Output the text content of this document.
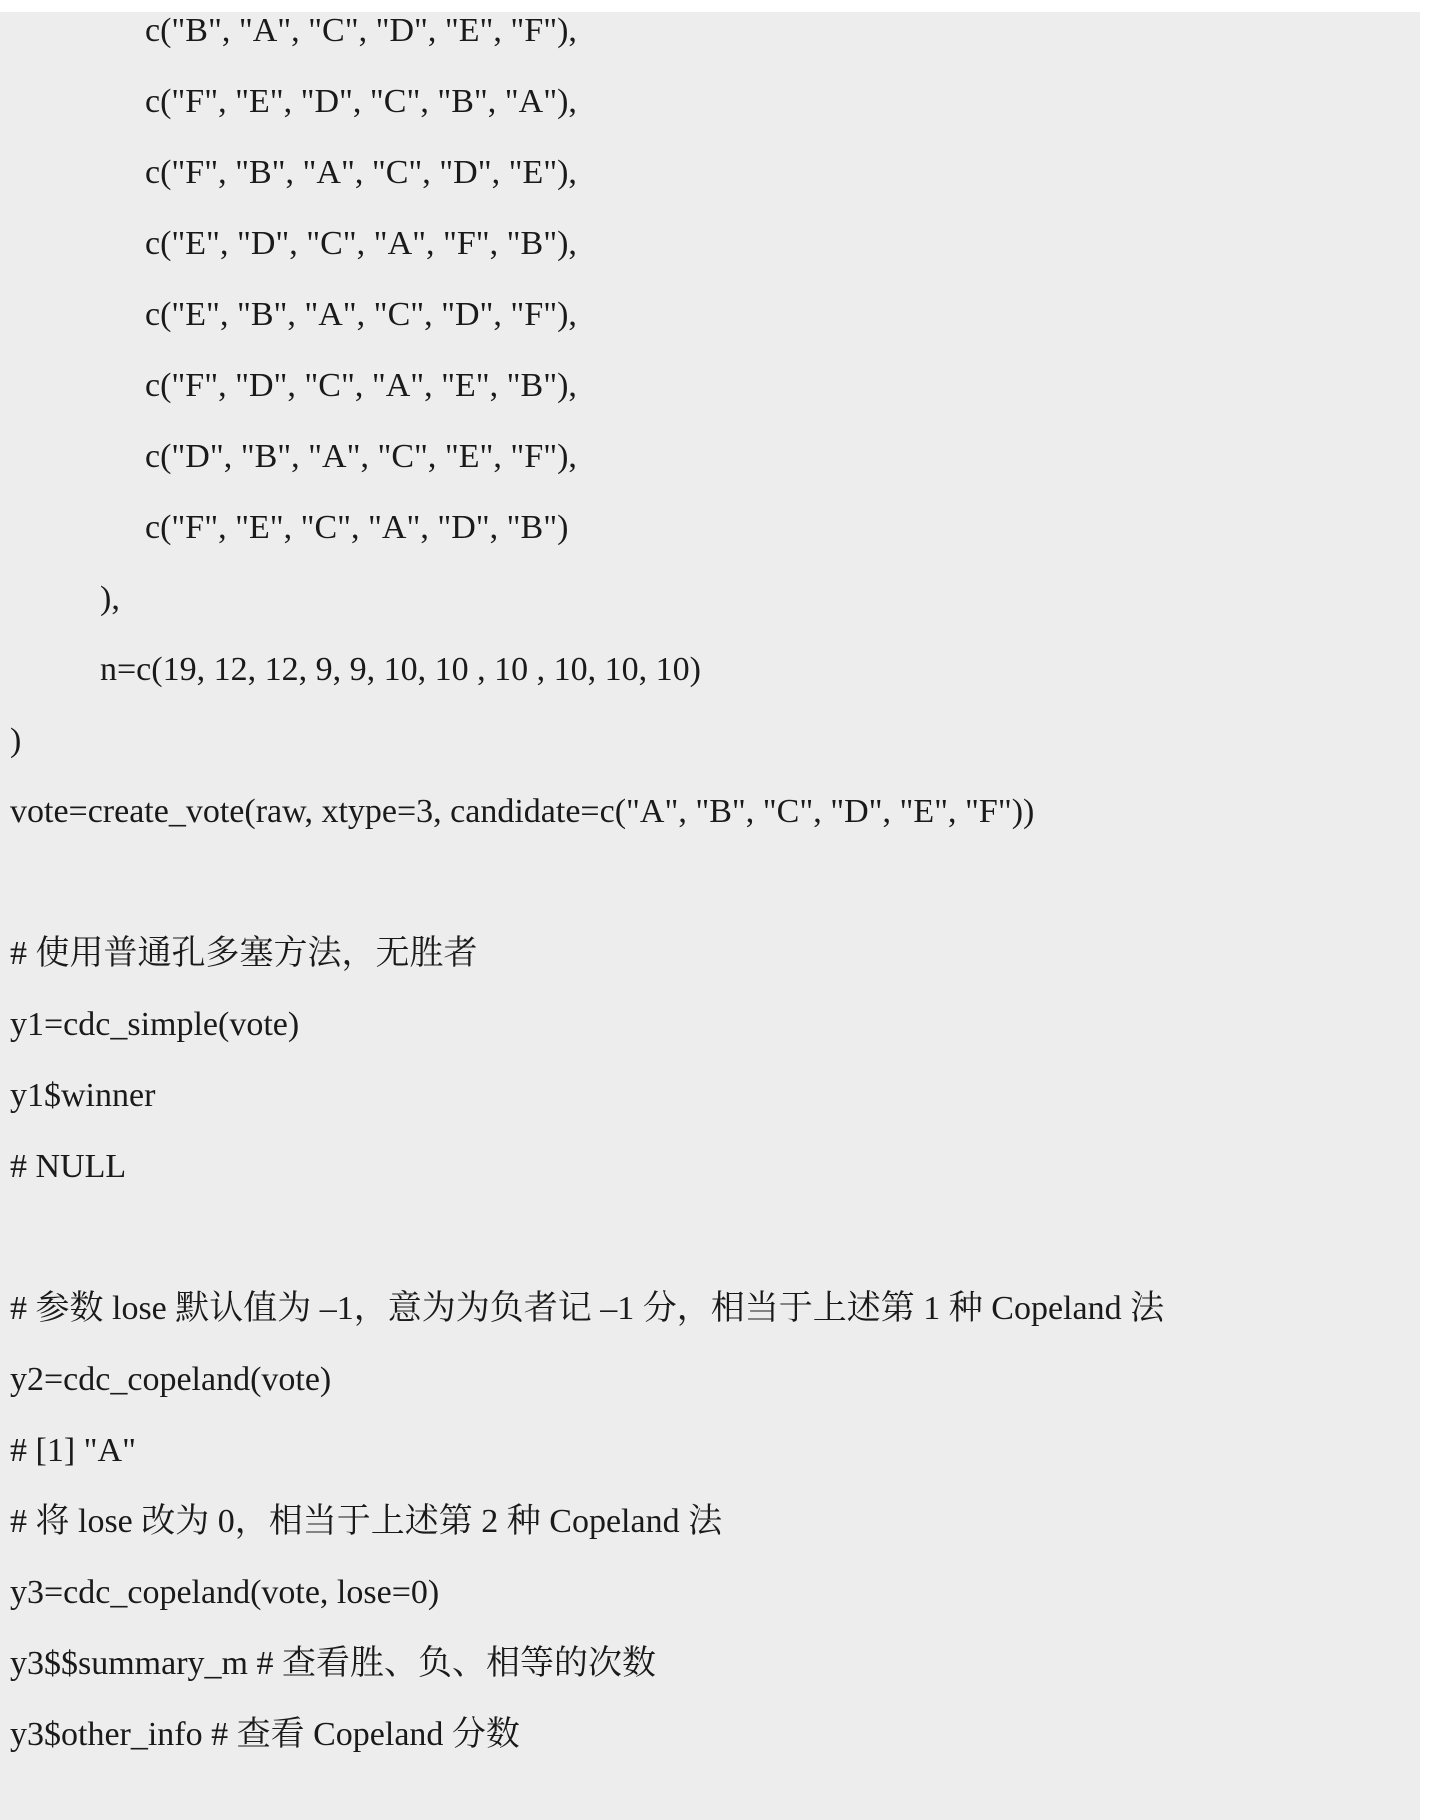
c("B", "A", "C", "D", "E", "F"),
c("F", "E", "D", "C", "B", "A"),
c("F", "B", "A", "C", "D", "E"),
c("E", "D", "C", "A", "F", "B"),
c("E", "B", "A", "C", "D", "F"),
c("F", "D", "C", "A", "E", "B"),
c("D", "B", "A", "C", "E", "F"),
c("F", "E", "C", "A", "D", "B")
),
n=c(19, 12, 12, 9, 9, 10, 10 , 10 , 10, 10, 10)
)
vote=create_vote(raw, xtype=3, candidate=c("A", "B", "C", "D", "E", "F"))
# 使用普通孔多塞方法，无胜者
y1=cdc_simple(vote)
y1$winner
# NULL
# 参数 lose 默认值为 –1，意为为负者记 –1 分，相当于上述第 1 种 Copeland 法
y2=cdc_copeland(vote)
# [1] "A"
# 将 lose 改为 0，相当于上述第 2 种 Copeland 法
y3=cdc_copeland(vote, lose=0)
y3$$summary_m # 查看胜、负、相等的次数
y3$other_info # 查看 Copeland 分数
